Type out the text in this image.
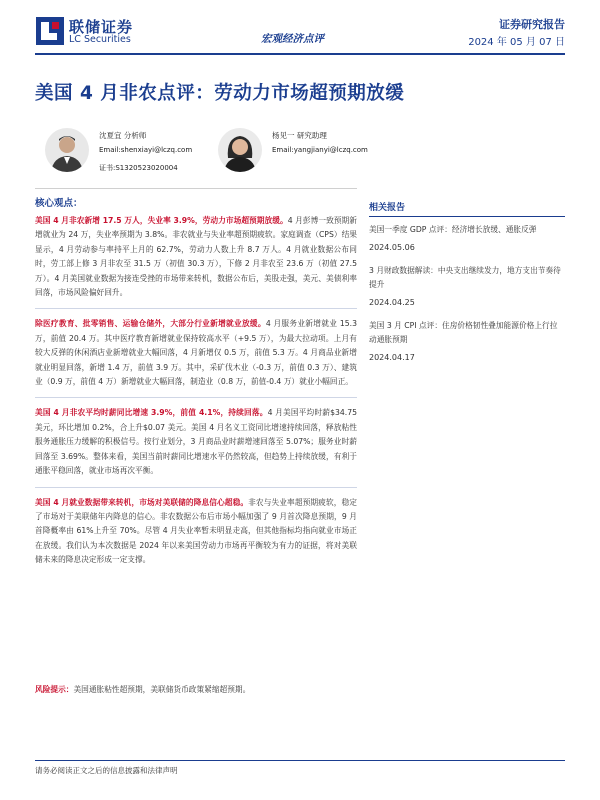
联储证券
LC Securities	宏观经济点评
证券研究报告
2024 年 05 月 07 日
美国 4 月非农点评：劳动力市场超预期放缓
沈夏宜 分析师
Email:shenxiayi@lczq.com
证书:S1320523020004
杨见一 研究助理
Email:yangjianyi@lczq.com
核心观点：
美国 4 月非农新增 17.5 万人，失业率 3.9%，劳动力市场超预期放缓。4 月彭博一致预期新增就业为 24 万，失业率预期为 3.8%。非农就业与失业率超预期疲软。家庭调查（CPS）结果显示，4 月劳动参与率持平上月的 62.7%，劳动力人数上升 8.7 万人。4 月就业数据公布同时，劳工部上修 3 月非农至 31.5 万（初值 30.3 万），下修 2 月非农至 23.6 万（初值 27.5 万）。4 月美国就业数据为接连受挫的市场带来转机，数据公布后，美股走强，美元、美债利率回落，市场风险偏好回升。
除医疗教育、批零销售、运输仓储外，大部分行业新增就业放缓。4 月服务业新增就业 15.3 万，前值 20.4 万。其中医疗教育新增就业保持较高水平（+9.5 万），为最大拉动项。上月有较大反弹的休闲酒店业新增就业大幅回落，4 月新增仅 0.5 万，前值 5.3 万。4 月商品业新增就业明显回落，新增 1.4 万，前值 3.9 万。其中，采矿伐木业（-0.3 万，前值 0.3 万）、建筑业（0.9 万，前值 4 万）新增就业大幅回落，制造业（0.8 万，前值-0.4 万）就业小幅回正。
美国 4 月非农平均时薪同比增速 3.9%，前值 4.1%，持续回落。4 月美国平均时薪$34.75 美元，环比增加 0.2%，合上升$0.07 美元。美国 4 月名义工资同比增速持续回落，释放粘性服务通胀压力缓解的积极信号。按行业划分，3 月商品业时薪增速回落至 5.07%；服务业时薪回落至 3.69%。整体来看，美国当前时薪同比增速水平仍然较高，但趋势上持续放缓，有利于通胀平稳回落，就业市场再次平衡。
美国 4 月就业数据带来转机，市场对美联储的降息信心超稳。非农与失业率超预期疲软，稳定了市场对于美联储年内降息的信心。非农数据公布后市场小幅加强了 9 月首次降息预期，9 月首降概率由 61%上升至 70%。尽管 4 月失业率暂未明显走高，但其他指标均指向就业市场正在放缓。我们认为本次数据是 2024 年以来美国劳动力市场再平衡较为有力的证据，将对美联储未来的降息决定形成一定支撑。
风险提示：美国通胀粘性超预期，美联储货币政策紧缩超预期。
相关报告
美国一季度 GDP 点评：经济增长放缓、通胀反弹
2024.05.06
3 月财政数据解读：中央支出继续发力，地方支出节奏待提升
2024.04.25
美国 3 月 CPI 点评：住房价格韧性叠加能源价格上行拉动通胀预期
2024.04.17
请务必阅读正文之后的信息披露和法律声明
